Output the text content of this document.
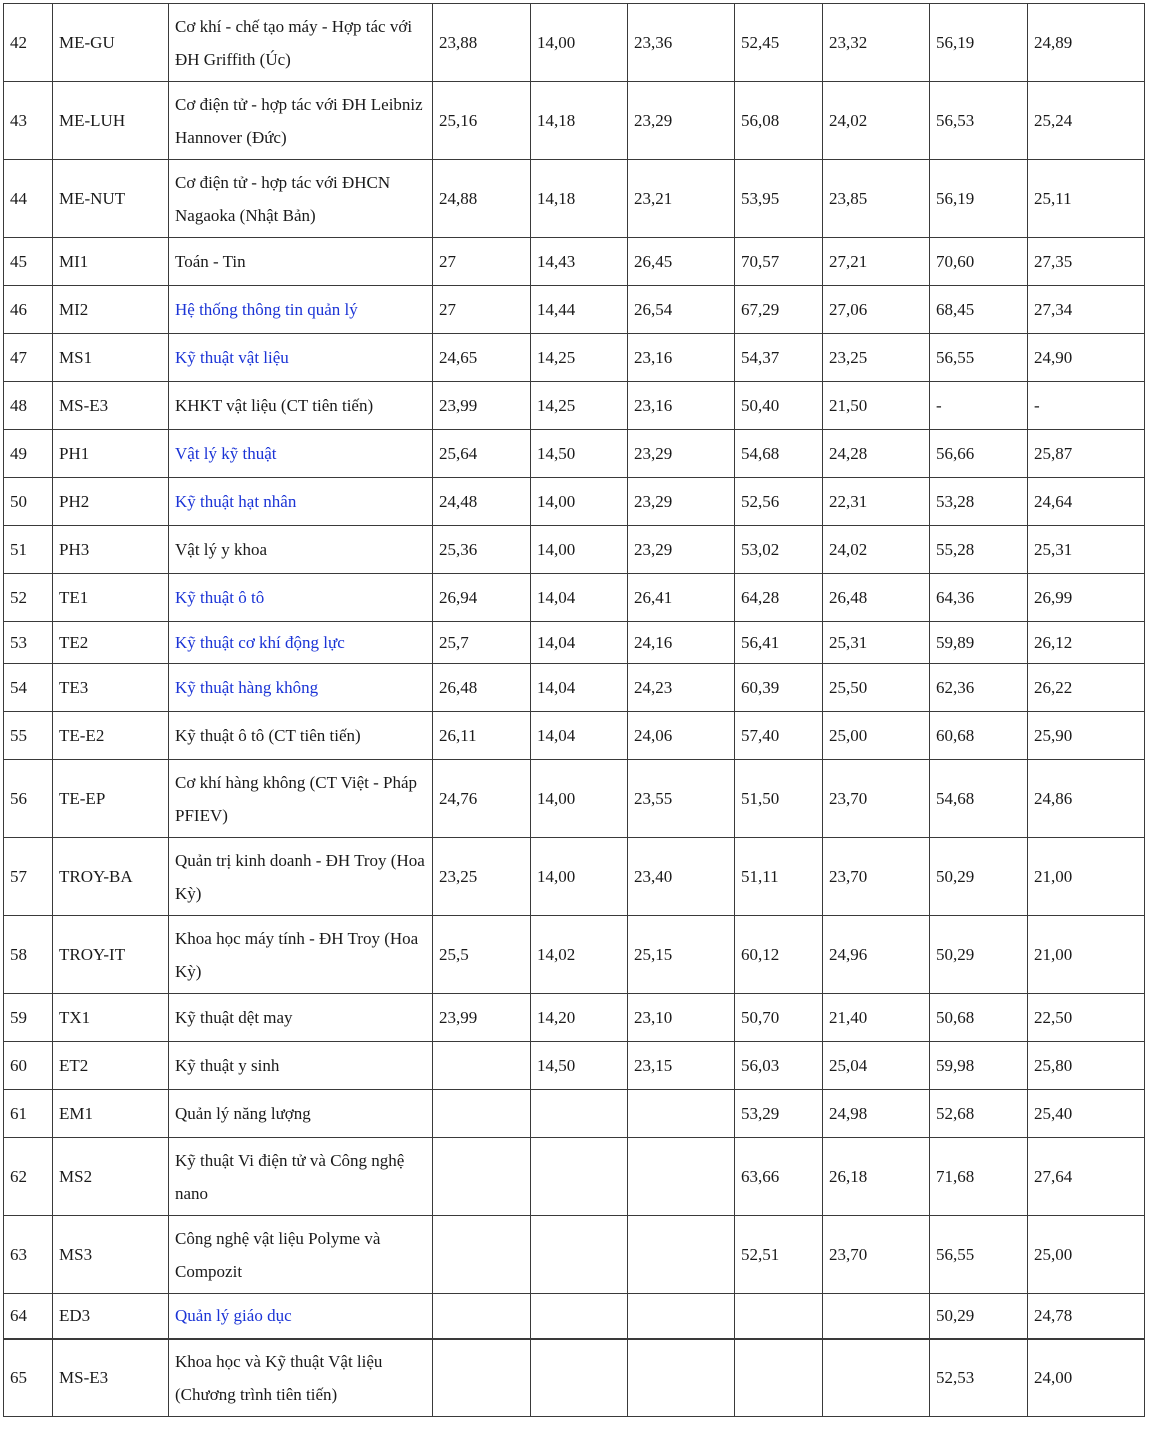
42	ME-GU	Cơ khí - chế tạo máy - Hợp tác với ĐH Griffith (Úc)	23,88	14,00	23,36	52,45	23,32	56,19	24,89
43	ME-LUH	Cơ điện tử - hợp tác với ĐH Leibniz Hannover (Đức)	25,16	14,18	23,29	56,08	24,02	56,53	25,24
44	ME-NUT	Cơ điện tử - hợp tác với ĐHCN Nagaoka (Nhật Bản)	24,88	14,18	23,21	53,95	23,85	56,19	25,11
45	MI1	Toán - Tin	27	14,43	26,45	70,57	27,21	70,60	27,35
46	MI2	Hệ thống thông tin quản lý	27	14,44	26,54	67,29	27,06	68,45	27,34
47	MS1	Kỹ thuật vật liệu	24,65	14,25	23,16	54,37	23,25	56,55	24,90
48	MS-E3	KHKT vật liệu (CT tiên tiến)	23,99	14,25	23,16	50,40	21,50	-	-
49	PH1	Vật lý kỹ thuật	25,64	14,50	23,29	54,68	24,28	56,66	25,87
50	PH2	Kỹ thuật hạt nhân	24,48	14,00	23,29	52,56	22,31	53,28	24,64
51	PH3	Vật lý y khoa	25,36	14,00	23,29	53,02	24,02	55,28	25,31
52	TE1	Kỹ thuật ô tô	26,94	14,04	26,41	64,28	26,48	64,36	26,99
53	TE2	Kỹ thuật cơ khí động lực	25,7	14,04	24,16	56,41	25,31	59,89	26,12
54	TE3	Kỹ thuật hàng không	26,48	14,04	24,23	60,39	25,50	62,36	26,22
55	TE-E2	Kỹ thuật ô tô (CT tiên tiến)	26,11	14,04	24,06	57,40	25,00	60,68	25,90
56	TE-EP	Cơ khí hàng không (CT Việt - Pháp PFIEV)	24,76	14,00	23,55	51,50	23,70	54,68	24,86
57	TROY-BA	Quản trị kinh doanh - ĐH Troy (Hoa Kỳ)	23,25	14,00	23,40	51,11	23,70	50,29	21,00
58	TROY-IT	Khoa học máy tính - ĐH Troy (Hoa Kỳ)	25,5	14,02	25,15	60,12	24,96	50,29	21,00
59	TX1	Kỹ thuật dệt may	23,99	14,20	23,10	50,70	21,40	50,68	22,50
60	ET2	Kỹ thuật y sinh		14,50	23,15	56,03	25,04	59,98	25,80
61	EM1	Quản lý năng lượng				53,29	24,98	52,68	25,40
62	MS2	Kỹ thuật Vi điện tử và Công nghệ nano				63,66	26,18	71,68	27,64
63	MS3	Công nghệ vật liệu Polyme và Compozit				52,51	23,70	56,55	25,00
64	ED3	Quản lý giáo dục						50,29	24,78
65	MS-E3	Khoa học và Kỹ thuật Vật liệu (Chương trình tiên tiến)						52,53	24,00
